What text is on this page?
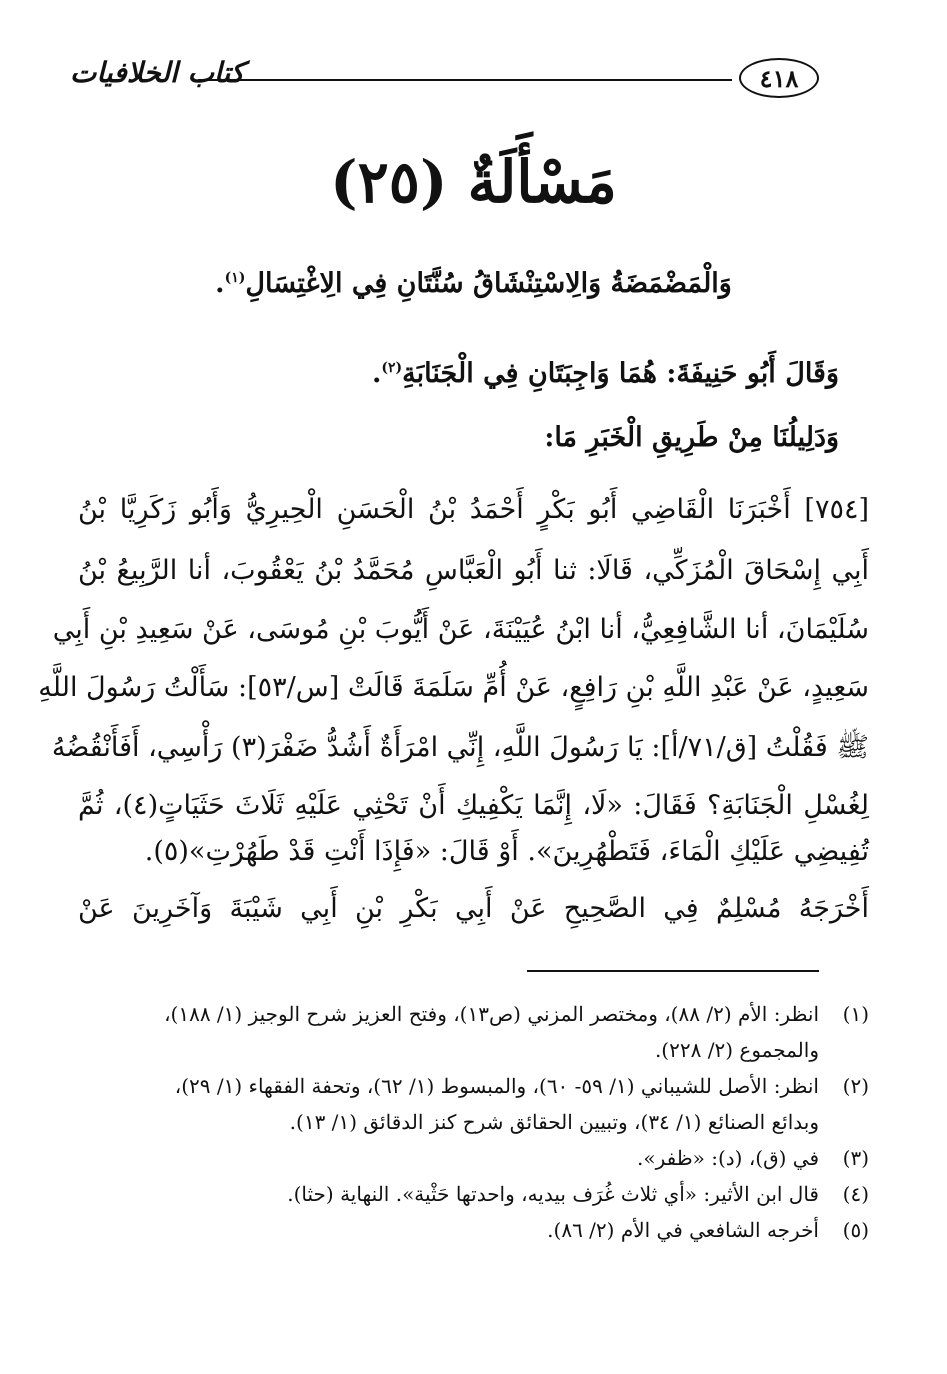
٤١٨
كتاب الخلافيات
مَسْأَلَةٌ (٢٥)
وَالْمَضْمَضَةُ وَالِاسْتِنْشَاقُ سُنَّتَانِ فِي الِاغْتِسَالِ$^{(١)}$.
وَقَالَ أَبُو حَنِيفَةَ: هُمَا وَاجِبَتَانِ فِي الْجَنَابَةِ$^{(٢)}$.
وَدَلِيلُنَا مِنْ طَرِيقِ الْخَبَرِ مَا:
[٧٥٤] أَخْبَرَنَا الْقَاضِي أَبُو بَكْرٍ أَحْمَدُ بْنُ الْحَسَنِ الْحِيرِيُّ وَأَبُو زَكَرِيَّا بْنُ
أَبِي إِسْحَاقَ الْمُزَكِّي، قَالَا: ثنا أَبُو الْعَبَّاسِ مُحَمَّدُ بْنُ يَعْقُوبَ، أنا الرَّبِيعُ بْنُ
سُلَيْمَانَ، أنا الشَّافِعِيُّ، أنا ابْنُ عُيَيْنَةَ، عَنْ أَيُّوبَ بْنِ مُوسَى، عَنْ سَعِيدِ بْنِ أَبِي
سَعِيدٍ، عَنْ عَبْدِ اللَّهِ بْنِ رَافِعٍ، عَنْ أُمِّ سَلَمَةَ قَالَتْ [س/٥٣]: سَأَلْتُ رَسُولَ اللَّهِ
ﷺ فَقُلْتُ [ق/٧١/أ]: يَا رَسُولَ اللَّهِ، إِنِّي امْرَأَةٌ أَشُدُّ ضَفْرَ(٣) رَأْسِي، أَفَأَنْقُضُهُ
لِغُسْلِ الْجَنَابَةِ؟ فَقَالَ: «لَا، إِنَّمَا يَكْفِيكِ أَنْ تَحْثِي عَلَيْهِ ثَلَاثَ حَثَيَاتٍ(٤)، ثُمَّ
تُفِيضِي عَلَيْكِ الْمَاءَ، فَتَطْهُرِينَ». أَوْ قَالَ: «فَإِذَا أَنْتِ قَدْ طَهُرْتِ»(٥).
أَخْرَجَهُ مُسْلِمٌ فِي الصَّحِيحِ عَنْ أَبِي بَكْرِ بْنِ أَبِي شَيْبَةَ وَآخَرِينَ عَنْ
(١)
انظر: الأم (٢/ ٨٨)، ومختصر المزني (ص١٣)، وفتح العزيز شرح الوجيز (١/ ١٨٨)،
والمجموع (٢/ ٢٢٨).
(٢)
انظر: الأصل للشيباني (١/ ٥٩- ٦٠)، والمبسوط (١/ ٦٢)، وتحفة الفقهاء (١/ ٢٩)،
وبدائع الصنائع (١/ ٣٤)، وتبيين الحقائق شرح كنز الدقائق (١/ ١٣).
(٣)
في (ق)، (د): «ظفر».
(٤)
قال ابن الأثير: «أي ثلاث غُرَف بيديه، واحدتها حَثْية». النهاية (حثا).
(٥)
أخرجه الشافعي في الأم (٢/ ٨٦).
